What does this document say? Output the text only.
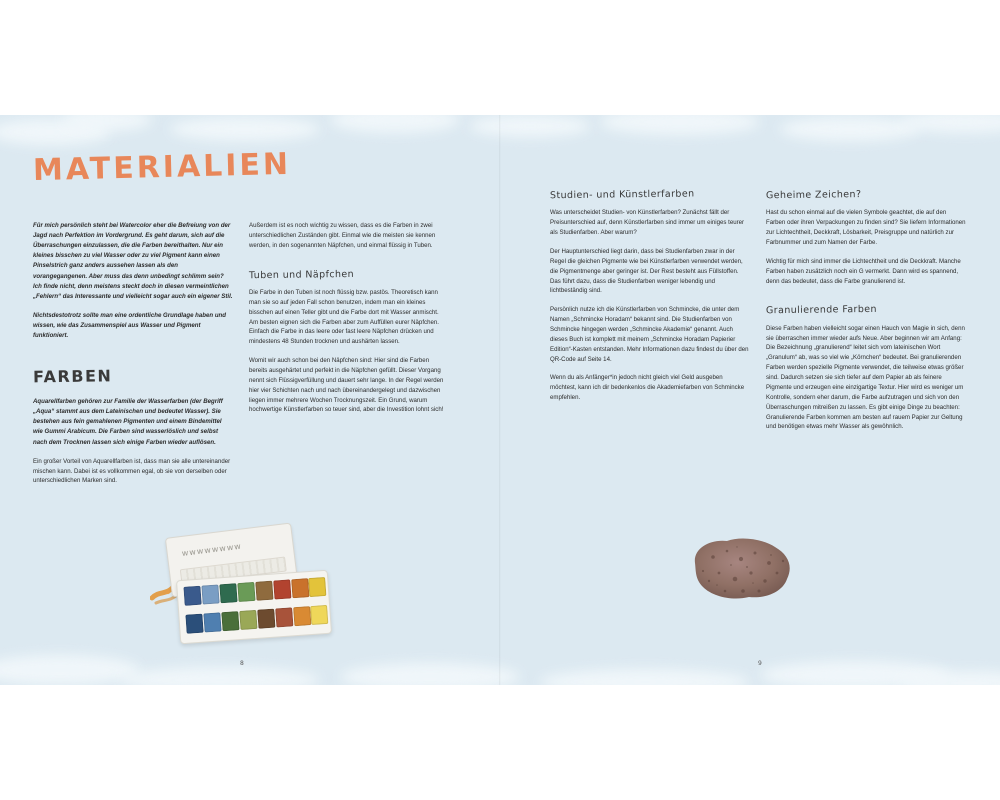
MATERIALIEN

Für mich persönlich steht bei Watercolor eher die Befreiung von der Jagd nach Perfektion im Vordergrund. Es geht darum, sich auf die Überraschungen einzulassen, die die Farben bereithalten. Nur ein kleines bisschen zu viel Wasser oder zu viel Pigment kann einen Pinselstrich ganz anders aussehen lassen als den vorangegangenen. Aber muss das denn unbedingt schlimm sein? Ich finde nicht, denn meistens steckt doch in diesen vermeintlichen „Fehlern“ das Interessante und vielleicht sogar auch ein eigener Stil.

Nichtsdestotrotz sollte man eine ordentliche Grundlage haben und wissen, wie das Zusammenspiel aus Wasser und Pigment funktioniert.

FARBEN

Aquarellfarben gehören zur Familie der Wasserfarben (der Begriff „Aqua“ stammt aus dem Lateinischen und bedeutet Wasser). Sie bestehen aus fein gemahlenen Pigmenten und einem Bindemittel wie Gummi Arabicum. Die Farben sind wasserlöslich und selbst nach dem Trocknen lassen sich einige Farben wieder auflösen.

Ein großer Vorteil von Aquarellfarben ist, dass man sie alle untereinander mischen kann. Dabei ist es vollkommen egal, ob sie von derselben oder unterschiedlichen Marken sind.

Außerdem ist es noch wichtig zu wissen, dass es die Farben in zwei unterschiedlichen Zuständen gibt. Einmal wie die meisten sie kennen werden, in den sogenannten Näpfchen, und einmal flüssig in Tuben.

Tuben und Näpfchen

Die Farbe in den Tuben ist noch flüssig bzw. pastös. Theoretisch kann man sie so auf jeden Fall schon benutzen, indem man ein kleines bisschen auf einen Teller gibt und die Farbe dort mit Wasser anmischt. Am besten eignen sich die Farben aber zum Auffüllen eurer Näpfchen. Einfach die Farbe in das leere oder fast leere Näpfchen drücken und mindestens 48 Stunden trocknen und aushärten lassen.

Womit wir auch schon bei den Näpfchen sind: Hier sind die Farben bereits ausgehärtet und perfekt in die Näpfchen gefüllt. Dieser Vorgang nennt sich Flüssigverfüllung und dauert sehr lange. In der Regel werden hier vier Schichten nach und nach übereinandergelegt und dazwischen liegen immer mehrere Wochen Trocknungszeit. Ein Grund, warum hochwertige Künstlerfarben so teuer sind, aber die Investition lohnt sich!

wwwwwwww
8
Studien- und Künstlerfarben

Was unterscheidet Studien- von Künstlerfarben? Zunächst fällt der Preisunterschied auf, denn Künstlerfarben sind immer um einiges teurer als Studienfarben. Aber warum?

Der Hauptunterschied liegt darin, dass bei Studienfarben zwar in der Regel die gleichen Pigmente wie bei Künstlerfarben verwendet werden, die Pigmentmenge aber geringer ist. Der Rest besteht aus Füllstoffen. Das führt dazu, dass die Studienfarben weniger lebendig und lichtbeständig sind.

Persönlich nutze ich die Künstlerfarben von Schmincke, die unter dem Namen „Schmincke Horadam“ bekannt sind. Die Studienfarben von Schmincke hingegen werden „Schmincke Akademie“ genannt. Auch dieses Buch ist komplett mit meinem „Schmincke Horadam Papierier Edition“-Kasten entstanden. Mehr Informationen dazu findest du über den QR-Code auf Seite 14.

Wenn du als Anfänger*in jedoch nicht gleich viel Geld ausgeben möchtest, kann ich dir bedenkenlos die Akademiefarben von Schmincke empfehlen.

Geheime Zeichen?

Hast du schon einmal auf die vielen Symbole geachtet, die auf den Farben oder ihren Verpackungen zu finden sind? Sie liefern Informationen zur Lichtechtheit, Deckkraft, Lösbarkeit, Preisgruppe und natürlich zur Farbnummer und zum Namen der Farbe.

Wichtig für mich sind immer die Lichtechtheit und die Deckkraft. Manche Farben haben zusätzlich noch ein G vermerkt. Dann wird es spannend, denn das bedeutet, dass die Farbe granulierend ist.

Granulierende Farben

Diese Farben haben vielleicht sogar einen Hauch von Magie in sich, denn sie überraschen immer wieder aufs Neue. Aber beginnen wir am Anfang: Die Bezeichnung „granulierend“ leitet sich vom lateinischen Wort „Granulum“ ab, was so viel wie „Körnchen“ bedeutet. Bei granulierenden Farben werden spezielle Pigmente verwendet, die teilweise etwas größer sind. Dadurch setzen sie sich tiefer auf dem Papier ab als feinere Pigmente und erzeugen eine einzigartige Textur. Hier wird es weniger um Kontrolle, sondern eher darum, die Farbe aufzutragen und sich von den Überraschungen mitreißen zu lassen. Es gibt einige Dinge zu beachten: Granulierende Farben kommen am besten auf rauem Papier zur Geltung und benötigen etwas mehr Wasser als gewöhnlich.

9
